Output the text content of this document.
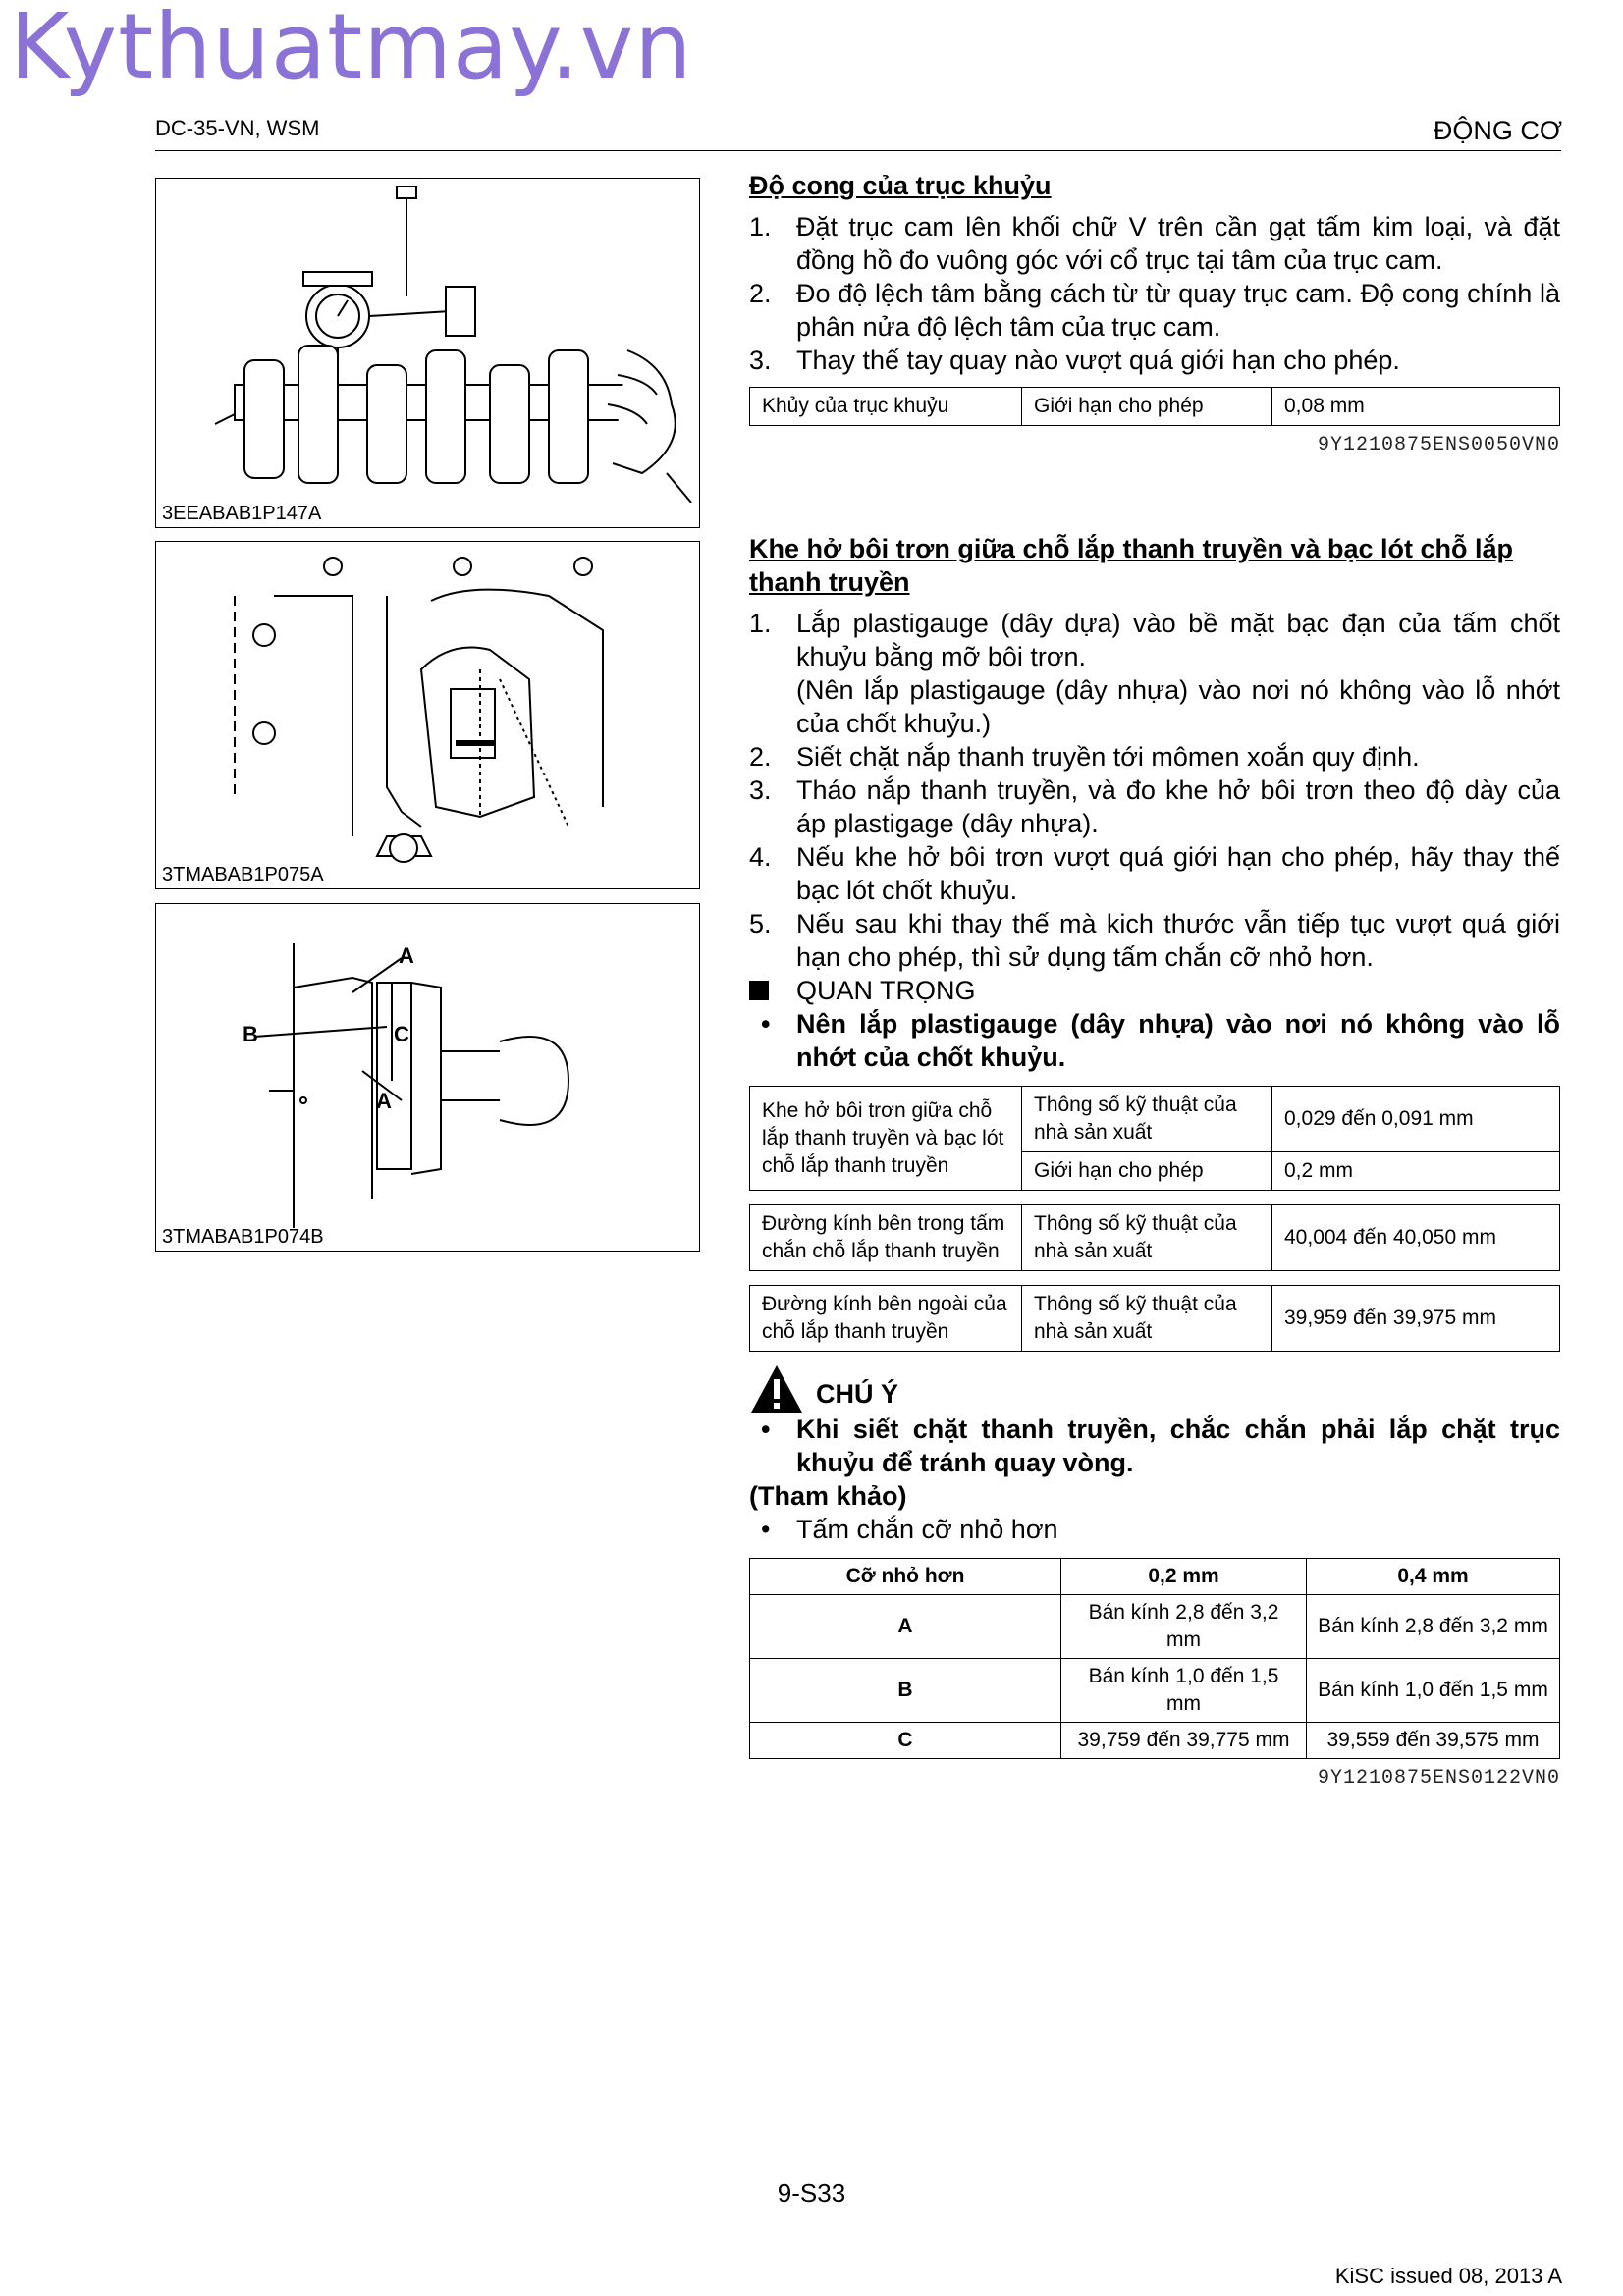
Kythuatmay.vn
DC-35-VN, WSM	ĐỘNG CƠ
3EEABAB1P147A
3TMABAB1P075A
A
B	C
A
3TMABAB1P074B
Độ cong của trục khuỷu
1. Đặt trục cam lên khối chữ V trên cần gạt tấm kim loại, và đặt đồng hồ đo vuông góc với cổ trục tại tâm của trục cam.
2. Đo độ lệch tâm bằng cách từ từ quay trục cam. Độ cong chính là phân nửa độ lệch tâm của trục cam.
3. Thay thế tay quay nào vượt quá giới hạn cho phép.
Khủy của trục khuỷu	Giới hạn cho phép	0,08 mm
9Y1210875ENS0050VN0
Khe hở bôi trơn giữa chỗ lắp thanh truyền và bạc lót chỗ lắp thanh truyền
1. Lắp plastigauge (dây dựa) vào bề mặt bạc đạn của tấm chốt khuỷu bằng mỡ bôi trơn.
(Nên lắp plastigauge (dây nhựa) vào nơi nó không vào lỗ nhớt của chốt khuỷu.)
2. Siết chặt nắp thanh truyền tới mômen xoắn quy định.
3. Tháo nắp thanh truyền, và đo khe hở bôi trơn theo độ dày của áp plastigage (dây nhựa).
4. Nếu khe hở bôi trơn vượt quá giới hạn cho phép, hãy thay thế bạc lót chốt khuỷu.
5. Nếu sau khi thay thế mà kich thước vẫn tiếp tục vượt quá giới hạn cho phép, thì sử dụng tấm chắn cỡ nhỏ hơn.
QUAN TRỌNG
• Nên lắp plastigauge (dây nhựa) vào nơi nó không vào lỗ nhớt của chốt khuỷu.
Khe hở bôi trơn giữa chỗ lắp thanh truyền và bạc lót chỗ lắp thanh truyền	Thông số kỹ thuật của nhà sản xuất	0,029 đến 0,091 mm
	Giới hạn cho phép	0,2 mm
Đường kính bên trong tấm chắn chỗ lắp thanh truyền	Thông số kỹ thuật của nhà sản xuất	40,004 đến 40,050 mm
Đường kính bên ngoài của chỗ lắp thanh truyền	Thông số kỹ thuật của nhà sản xuất	39,959 đến 39,975 mm
CHÚ Ý
• Khi siết chặt thanh truyền, chắc chắn phải lắp chặt trục khuỷu để tránh quay vòng.
(Tham khảo)
• Tấm chắn cỡ nhỏ hơn
Cỡ nhỏ hơn	0,2 mm	0,4 mm
A	Bán kính 2,8 đến 3,2 mm	Bán kính 2,8 đến 3,2 mm
B	Bán kính 1,0 đến 1,5 mm	Bán kính 1,0 đến 1,5 mm
C	39,759 đến 39,775 mm	39,559 đến 39,575 mm
9Y1210875ENS0122VN0
9-S33
KiSC issued 08, 2013 A
